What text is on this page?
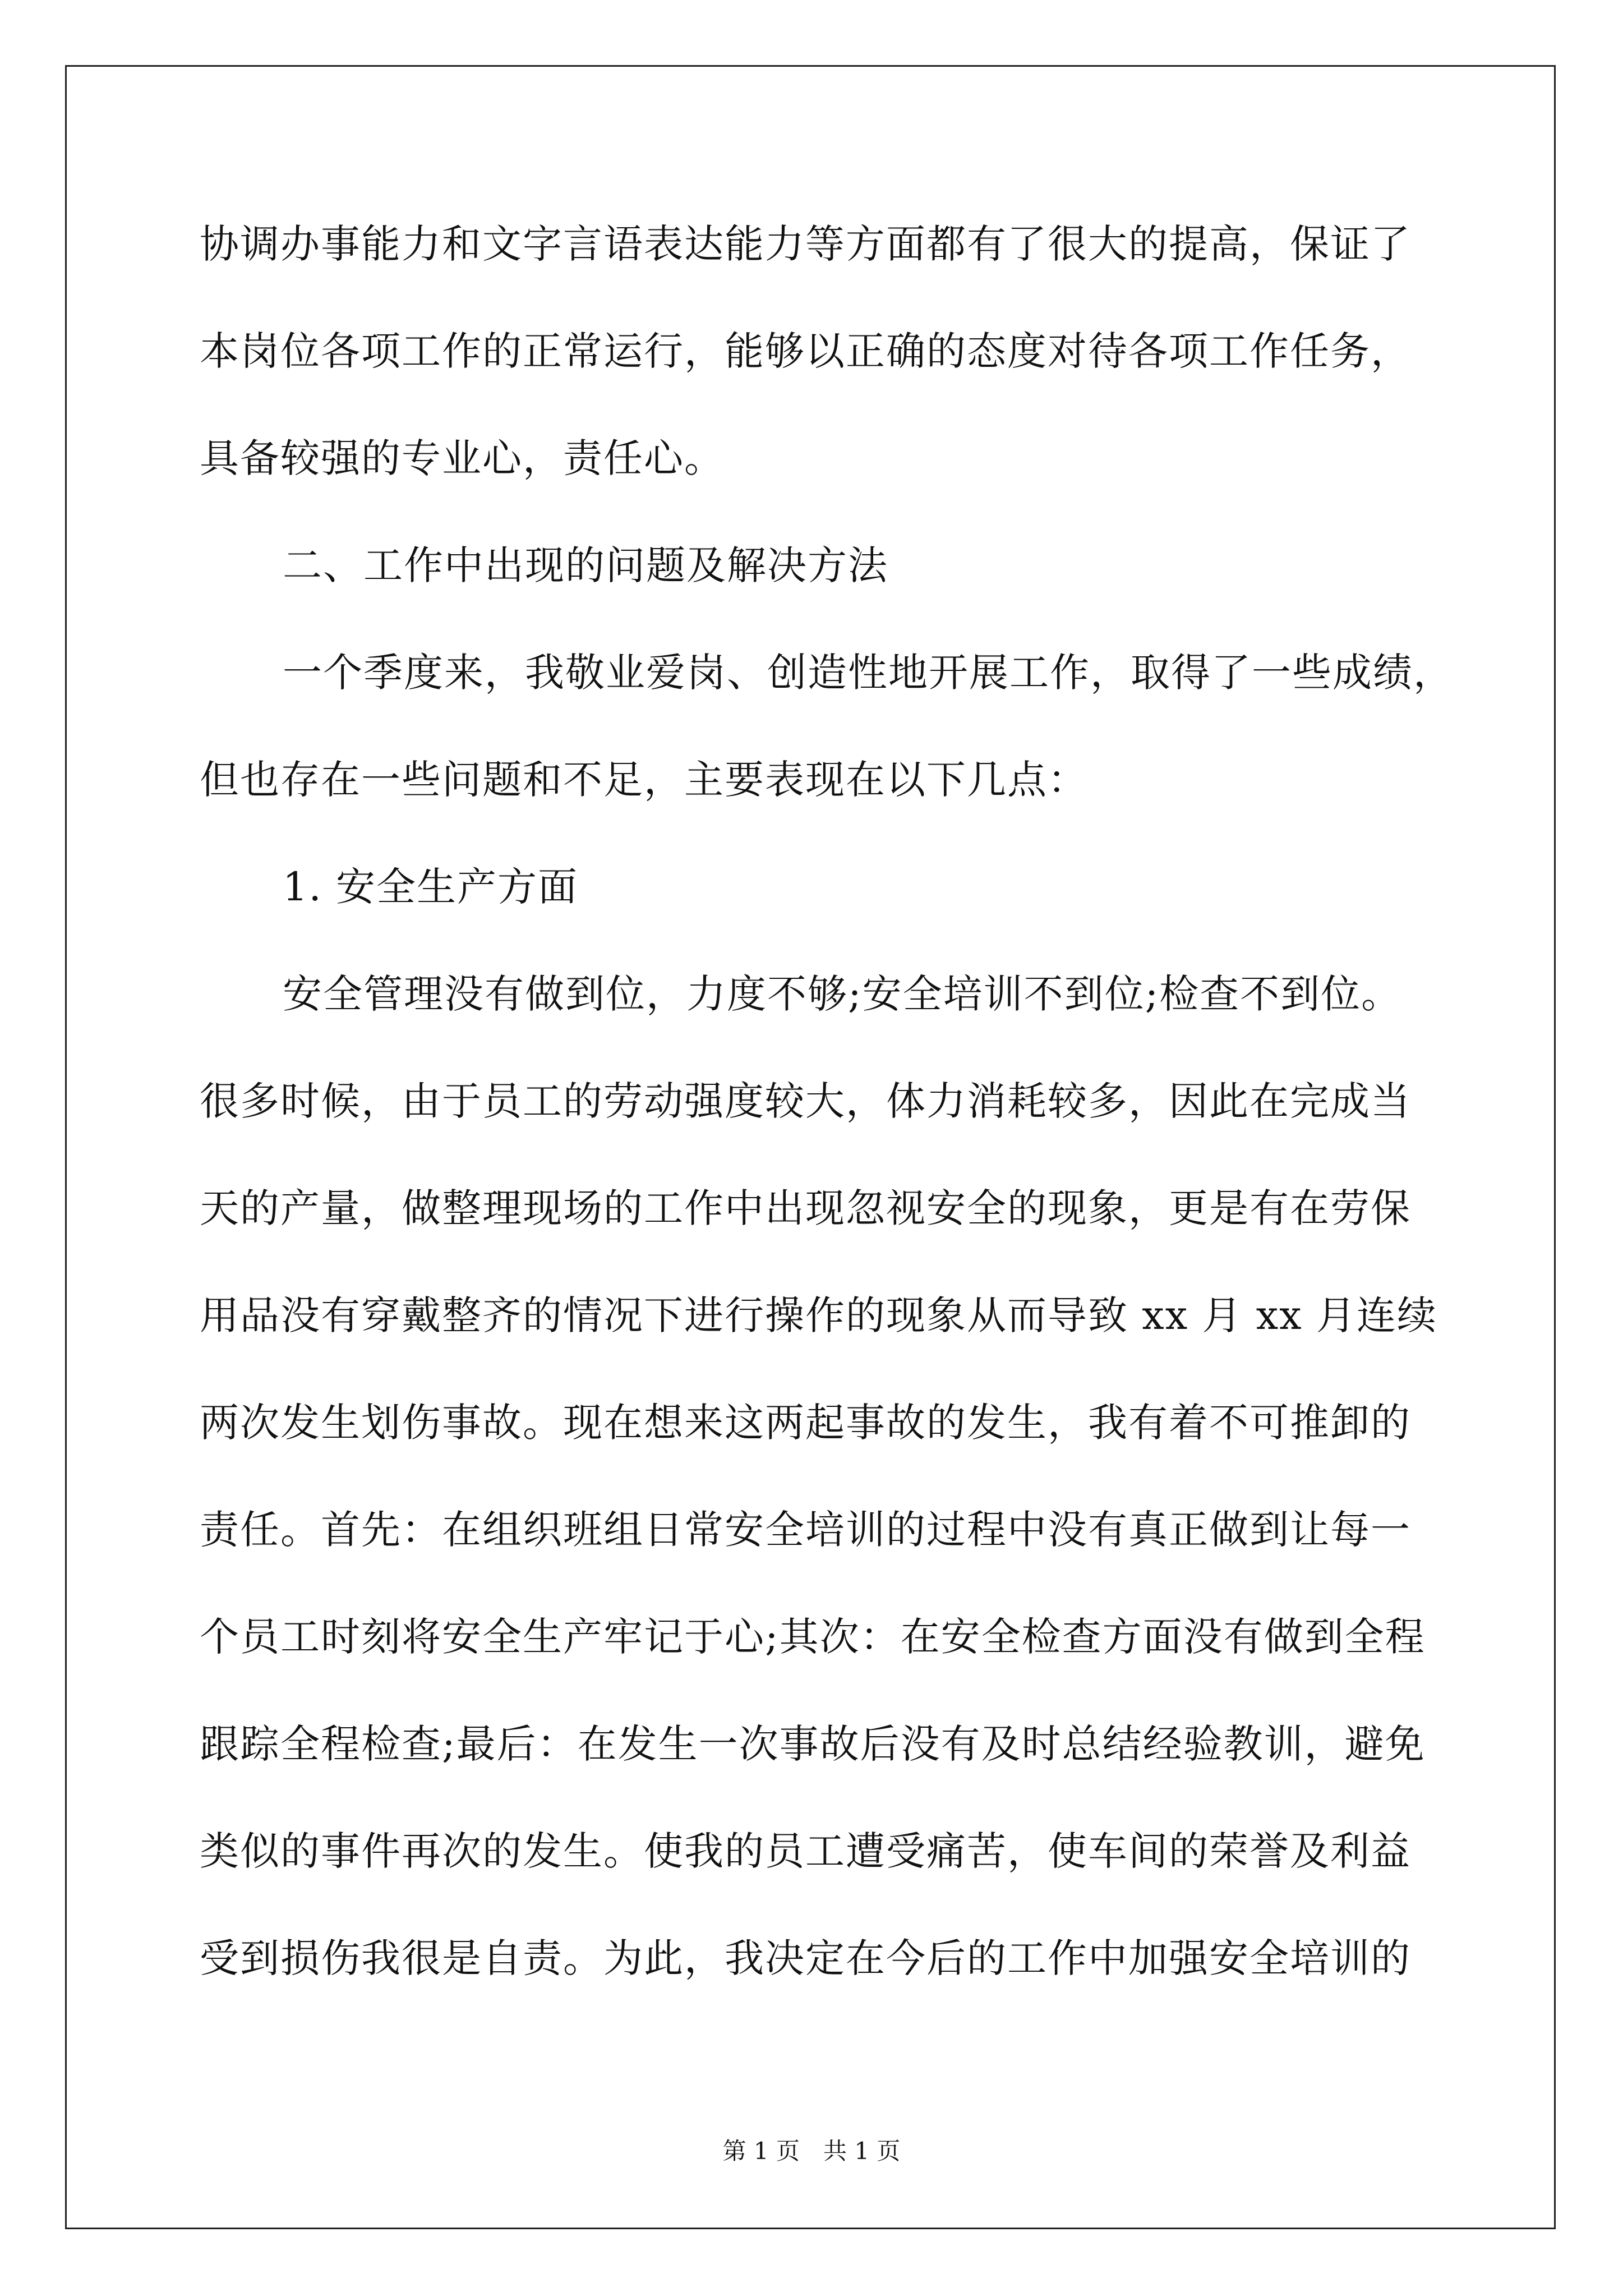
协调办事能力和文字言语表达能力等方面都有了很大的提高，保证了
本岗位各项工作的正常运行，能够以正确的态度对待各项工作任务，
具备较强的专业心，责任心。
二、工作中出现的问题及解决方法
一个季度来，我敬业爱岗、创造性地开展工作，取得了一些成绩，
但也存在一些问题和不足，主要表现在以下几点：
1. 安全生产方面
安全管理没有做到位，力度不够;安全培训不到位;检查不到位。
很多时候，由于员工的劳动强度较大，体力消耗较多，因此在完成当
天的产量，做整理现场的工作中出现忽视安全的现象，更是有在劳保
用品没有穿戴整齐的情况下进行操作的现象从而导致 xx 月 xx 月连续
两次发生划伤事故。现在想来这两起事故的发生，我有着不可推卸的
责任。首先：在组织班组日常安全培训的过程中没有真正做到让每一
个员工时刻将安全生产牢记于心;其次：在安全检查方面没有做到全程
跟踪全程检查;最后：在发生一次事故后没有及时总结经验教训，避免
类似的事件再次的发生。使我的员工遭受痛苦，使车间的荣誉及利益
受到损伤我很是自责。为此，我决定在今后的工作中加强安全培训的
第 1 页　共 1 页
